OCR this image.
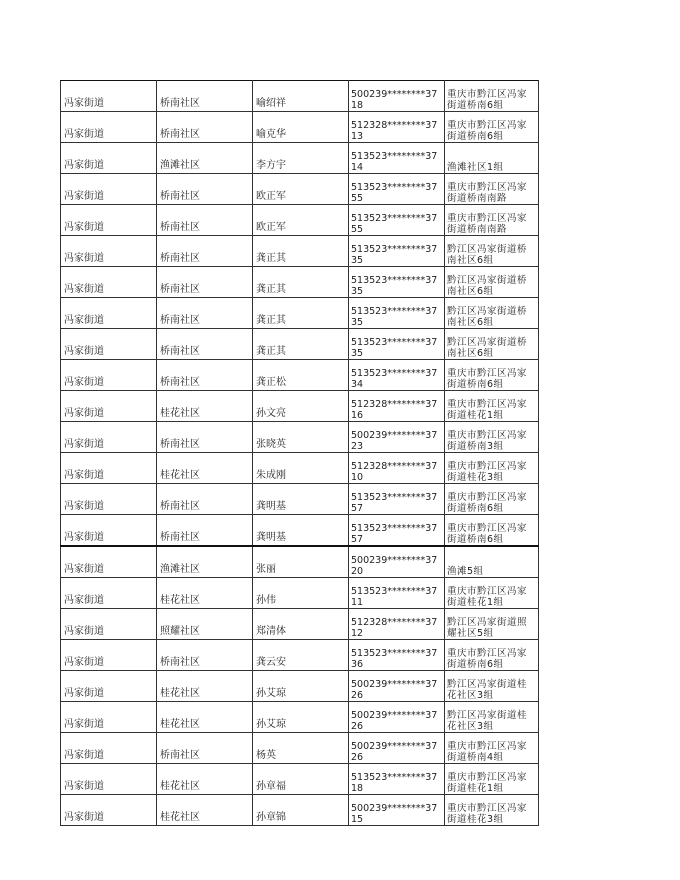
冯家街道	桥南社区	喻绍祥	500239********3718	重庆市黔江区冯家街道桥南6组
冯家街道	桥南社区	喻克华	512328********3713	重庆市黔江区冯家街道桥南6组
冯家街道	渔滩社区	李方宇	513523********3714	渔滩社区1组
冯家街道	桥南社区	欧正军	513523********3755	重庆市黔江区冯家街道桥南南路
冯家街道	桥南社区	欧正军	513523********3755	重庆市黔江区冯家街道桥南南路
冯家街道	桥南社区	龚正其	513523********3735	黔江区冯家街道桥南社区6组
冯家街道	桥南社区	龚正其	513523********3735	黔江区冯家街道桥南社区6组
冯家街道	桥南社区	龚正其	513523********3735	黔江区冯家街道桥南社区6组
冯家街道	桥南社区	龚正其	513523********3735	黔江区冯家街道桥南社区6组
冯家街道	桥南社区	龚正松	513523********3734	重庆市黔江区冯家街道桥南6组
冯家街道	桂花社区	孙文亮	512328********3716	重庆市黔江区冯家街道桂花1组
冯家街道	桥南社区	张晓英	500239********3723	重庆市黔江区冯家街道桥南3组
冯家街道	桂花社区	朱成刚	512328********3710	重庆市黔江区冯家街道桂花3组
冯家街道	桥南社区	龚明基	513523********3757	重庆市黔江区冯家街道桥南6组
冯家街道	桥南社区	龚明基	513523********3757	重庆市黔江区冯家街道桥南6组
冯家街道	渔滩社区	张丽	500239********3720	渔滩5组
冯家街道	桂花社区	孙伟	513523********3711	重庆市黔江区冯家街道桂花1组
冯家街道	照耀社区	郑清体	512328********3712	黔江区冯家街道照耀社区5组
冯家街道	桥南社区	龚云安	513523********3736	重庆市黔江区冯家街道桥南6组
冯家街道	桂花社区	孙艾琼	500239********3726	黔江区冯家街道桂花社区3组
冯家街道	桂花社区	孙艾琼	500239********3726	黔江区冯家街道桂花社区3组
冯家街道	桥南社区	杨英	500239********3726	重庆市黔江区冯家街道桥南4组
冯家街道	桂花社区	孙章福	513523********3718	重庆市黔江区冯家街道桂花1组
冯家街道	桂花社区	孙章锦	500239********3715	重庆市黔江区冯家街道桂花3组
